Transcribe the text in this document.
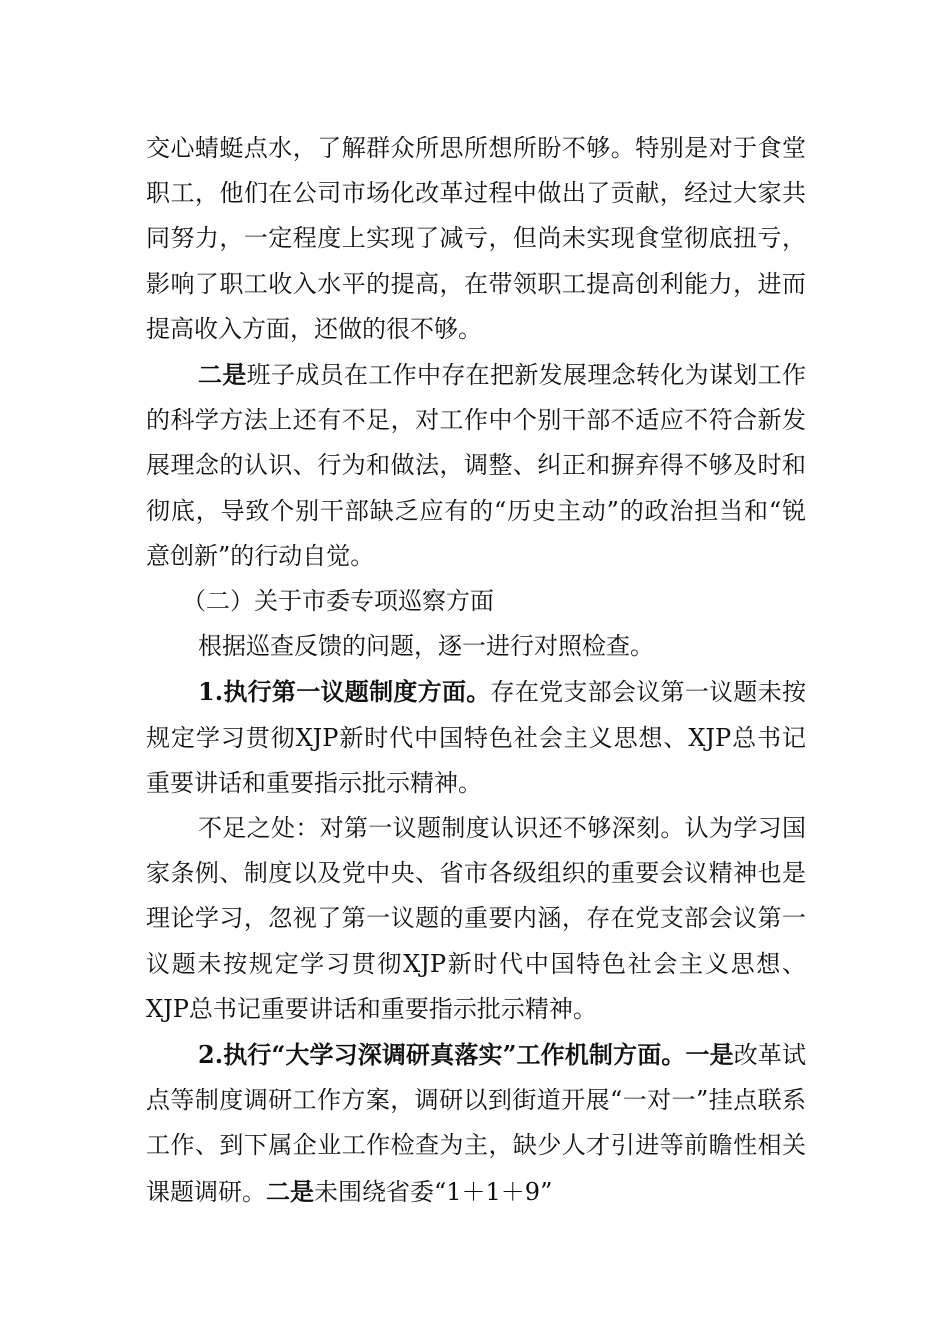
交心蜻蜓点水，了解群众所思所想所盼不够。特别是对于食堂职工，他们在公司市场化改革过程中做出了贡献，经过大家共同努力，一定程度上实现了减亏，但尚未实现食堂彻底扭亏，影响了职工收入水平的提高，在带领职工提高创利能力，进而提高收入方面，还做的很不够。

二是班子成员在工作中存在把新发展理念转化为谋划工作的科学方法上还有不足，对工作中个别干部不适应不符合新发展理念的认识、行为和做法，调整、纠正和摒弃得不够及时和彻底，导致个别干部缺乏应有的“历史主动”的政治担当和“锐意创新”的行动自觉。

（二）关于市委专项巡察方面

根据巡查反馈的问题，逐一进行对照检查。

1.执行第一议题制度方面。存在党支部会议第一议题未按规定学习贯彻XJP新时代中国特色社会主义思想、XJP总书记重要讲话和重要指示批示精神。

不足之处：对第一议题制度认识还不够深刻。认为学习国家条例、制度以及党中央、省市各级组织的重要会议精神也是理论学习，忽视了第一议题的重要内涵，存在党支部会议第一议题未按规定学习贯彻XJP新时代中国特色社会主义思想、XJP总书记重要讲话和重要指示批示精神。

2.执行“大学习深调研真落实”工作机制方面。一是改革试点等制度调研工作方案，调研以到街道开展“一对一”挂点联系工作、到下属企业工作检查为主，缺少人才引进等前瞻性相关课题调研。二是未围绕省委“1＋1＋9”
